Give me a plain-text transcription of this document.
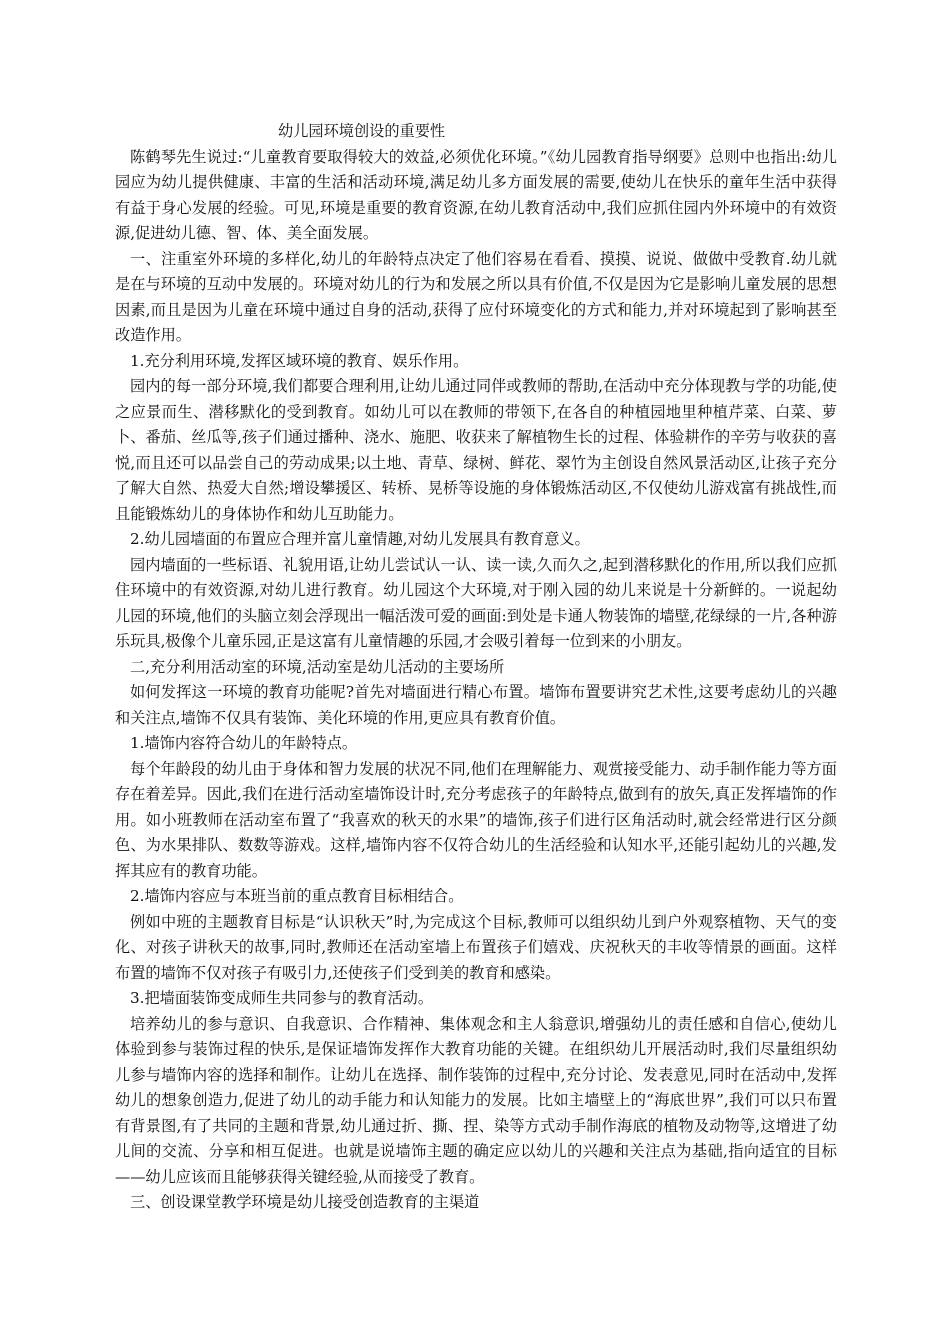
幼儿园环境创设的重要性

陈鹤琴先生说过:“儿童教育要取得较大的效益,必须优化环境。”《幼儿园教育指导纲要》总则中也指出:幼儿园应为幼儿提供健康、丰富的生活和活动环境,满足幼儿多方面发展的需要,使幼儿在快乐的童年生活中获得有益于身心发展的经验。可见,环境是重要的教育资源,在幼儿教育活动中,我们应抓住园内外环境中的有效资源,促进幼儿德、智、体、美全面发展。

一、注重室外环境的多样化,幼儿的年龄特点决定了他们容易在看看、摸摸、说说、做做中受教育.幼儿就是在与环境的互动中发展的。环境对幼儿的行为和发展之所以具有价值,不仅是因为它是影响儿童发展的思想因素,而且是因为儿童在环境中通过自身的活动,获得了应付环境变化的方式和能力,并对环境起到了影响甚至改造作用。

1.充分利用环境,发挥区域环境的教育、娱乐作用。

园内的每一部分环境,我们都要合理利用,让幼儿通过同伴或教师的帮助,在活动中充分体现教与学的功能,使之应景而生、潜移默化的受到教育。如幼儿可以在教师的带领下,在各自的种植园地里种植芹菜、白菜、萝卜、番茄、丝瓜等,孩子们通过播种、浇水、施肥、收获来了解植物生长的过程、体验耕作的辛劳与收获的喜悦,而且还可以品尝自己的劳动成果;以土地、青草、绿树、鲜花、翠竹为主创设自然风景活动区,让孩子充分了解大自然、热爱大自然;增设攀援区、转桥、晃桥等设施的身体锻炼活动区,不仅使幼儿游戏富有挑战性,而且能锻炼幼儿的身体协作和幼儿互助能力。

2.幼儿园墙面的布置应合理并富儿童情趣,对幼儿发展具有教育意义。

园内墙面的一些标语、礼貌用语,让幼儿尝试认一认、读一读,久而久之,起到潜移默化的作用,所以我们应抓住环境中的有效资源,对幼儿进行教育。幼儿园这个大环境,对于刚入园的幼儿来说是十分新鲜的。一说起幼儿园的环境,他们的头脑立刻会浮现出一幅活泼可爱的画面:到处是卡通人物装饰的墙壁,花绿绿的一片,各种游乐玩具,极像个儿童乐园,正是这富有儿童情趣的乐园,才会吸引着每一位到来的小朋友。

二,充分利用活动室的环境,活动室是幼儿活动的主要场所

如何发挥这一环境的教育功能呢?首先对墙面进行精心布置。墙饰布置要讲究艺术性,这要考虑幼儿的兴趣和关注点,墙饰不仅具有装饰、美化环境的作用,更应具有教育价值。

1.墙饰内容符合幼儿的年龄特点。

每个年龄段的幼儿由于身体和智力发展的状况不同,他们在理解能力、观赏接受能力、动手制作能力等方面存在着差异。因此,我们在进行活动室墙饰设计时,充分考虑孩子的年龄特点,做到有的放矢,真正发挥墙饰的作用。如小班教师在活动室布置了“我喜欢的秋天的水果”的墙饰,孩子们进行区角活动时,就会经常进行区分颜色、为水果排队、数数等游戏。这样,墙饰内容不仅符合幼儿的生活经验和认知水平,还能引起幼儿的兴趣,发挥其应有的教育功能。

2.墙饰内容应与本班当前的重点教育目标相结合。

例如中班的主题教育目标是“认识秋天”时,为完成这个目标,教师可以组织幼儿到户外观察植物、天气的变化、对孩子讲秋天的故事,同时,教师还在活动室墙上布置孩子们嬉戏、庆祝秋天的丰收等情景的画面。这样布置的墙饰不仅对孩子有吸引力,还使孩子们受到美的教育和感染。

3.把墙面装饰变成师生共同参与的教育活动。

培养幼儿的参与意识、自我意识、合作精神、集体观念和主人翁意识,增强幼儿的责任感和自信心,使幼儿体验到参与装饰过程的快乐,是保证墙饰发挥作大教育功能的关键。在组织幼儿开展活动时,我们尽量组织幼儿参与墙饰内容的选择和制作。让幼儿在选择、制作装饰的过程中,充分讨论、发表意见,同时在活动中,发挥幼儿的想象创造力,促进了幼儿的动手能力和认知能力的发展。比如主墙壁上的“海底世界”,我们可以只布置有背景图,有了共同的主题和背景,幼儿通过折、撕、捏、染等方式动手制作海底的植物及动物等,这增进了幼儿间的交流、分享和相互促进。也就是说墙饰主题的确定应以幼儿的兴趣和关注点为基础,指向适宜的目标——幼儿应该而且能够获得关键经验,从而接受了教育。

三、创设课堂教学环境是幼儿接受创造教育的主渠道
